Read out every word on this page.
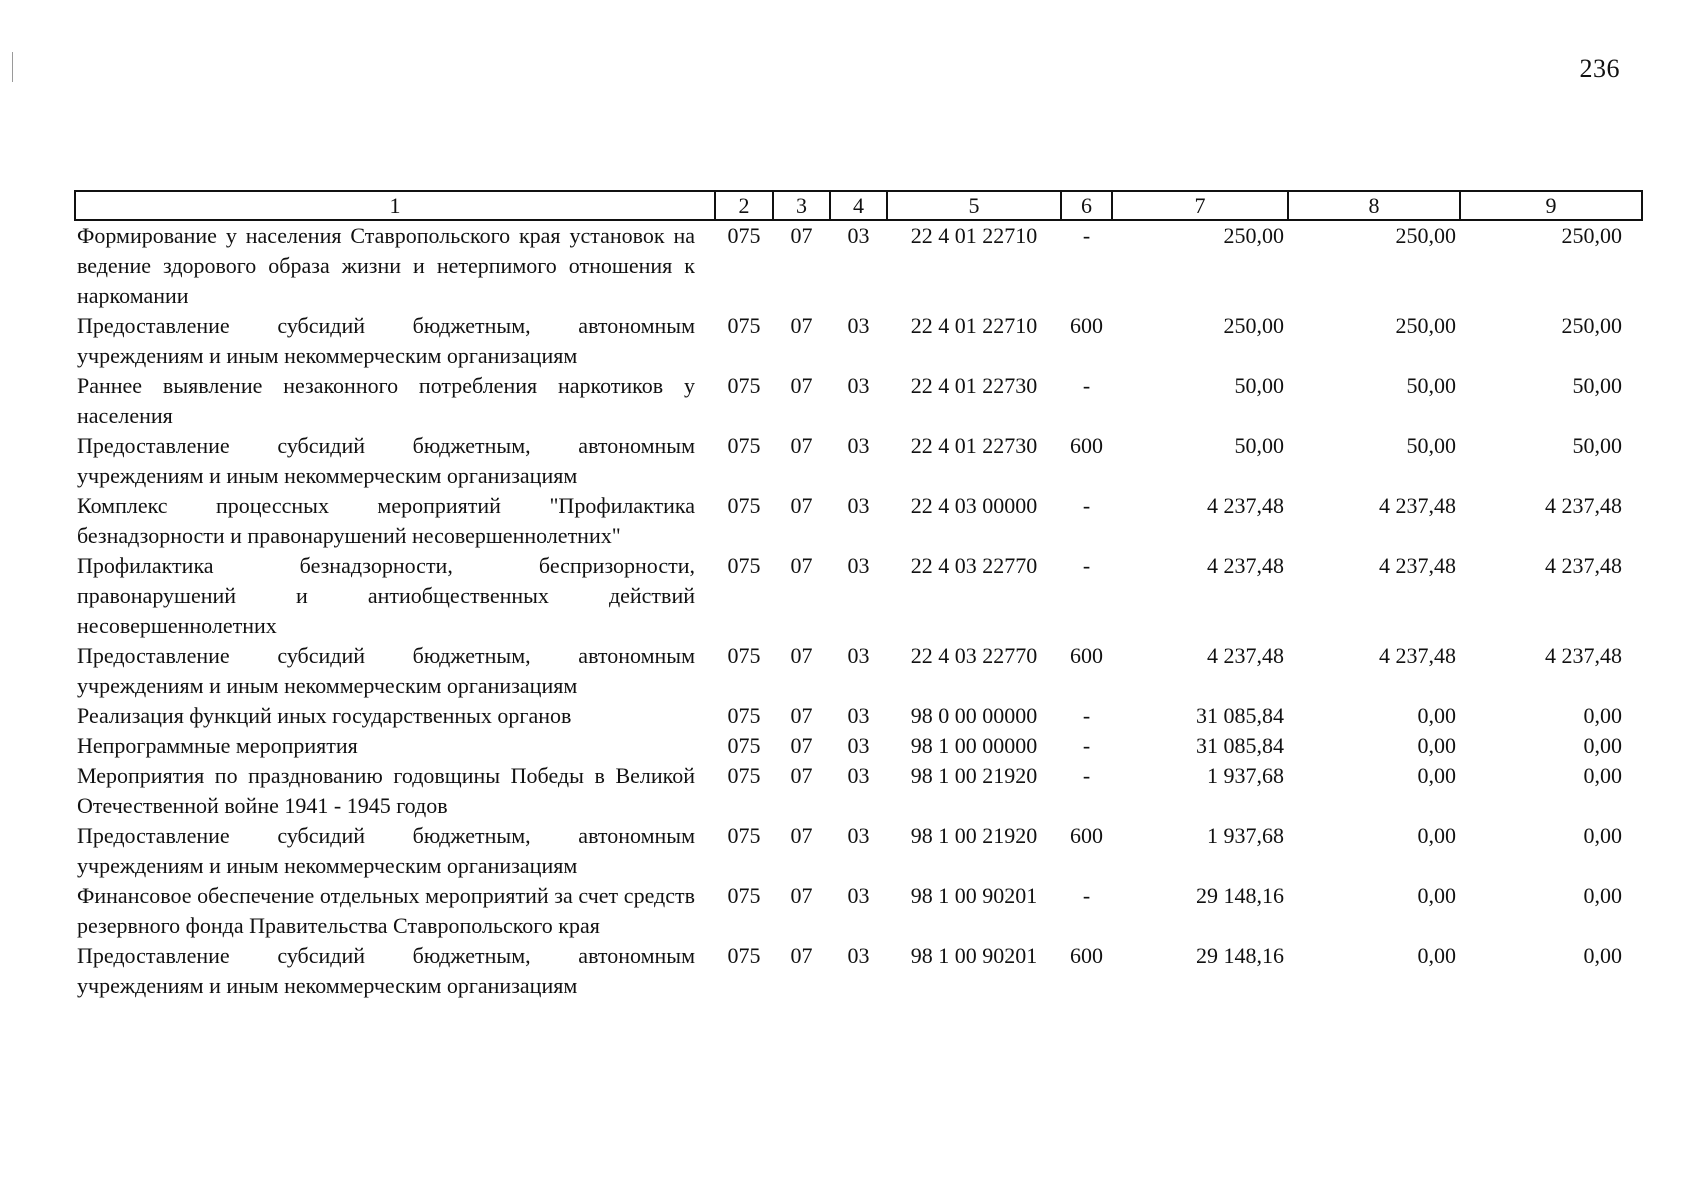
236
1	2	3	4	5	6	7	8	9
Формирование у населения Ставропольского края установок на ведение здорового образа жизни и нетерпимого отношения к наркомании	075	07	03	22 4 01 22710	-	250,00	250,00	250,00
Предоставление субсидий бюджетным, автономным учреждениям и иным некоммерческим организациям	075	07	03	22 4 01 22710	600	250,00	250,00	250,00
Раннее выявление незаконного потребления наркотиков у населения	075	07	03	22 4 01 22730	-	50,00	50,00	50,00
Предоставление субсидий бюджетным, автономным учреждениям и иным некоммерческим организациям	075	07	03	22 4 01 22730	600	50,00	50,00	50,00
Комплекс процессных мероприятий "Профилактика безнадзорности и правонарушений несовершеннолетних"	075	07	03	22 4 03 00000	-	4 237,48	4 237,48	4 237,48
Профилактика безнадзорности, беспризорности, правонарушений и антиобщественных действий несовершеннолетних	075	07	03	22 4 03 22770	-	4 237,48	4 237,48	4 237,48
Предоставление субсидий бюджетным, автономным учреждениям и иным некоммерческим организациям	075	07	03	22 4 03 22770	600	4 237,48	4 237,48	4 237,48
Реализация функций иных государственных органов	075	07	03	98 0 00 00000	-	31 085,84	0,00	0,00
Непрограммные мероприятия	075	07	03	98 1 00 00000	-	31 085,84	0,00	0,00
Мероприятия по празднованию годовщины Победы в Великой Отечественной войне 1941 - 1945 годов	075	07	03	98 1 00 21920	-	1 937,68	0,00	0,00
Предоставление субсидий бюджетным, автономным учреждениям и иным некоммерческим организациям	075	07	03	98 1 00 21920	600	1 937,68	0,00	0,00
Финансовое обеспечение отдельных мероприятий за счет средств резервного фонда Правительства Ставропольского края	075	07	03	98 1 00 90201	-	29 148,16	0,00	0,00
Предоставление субсидий бюджетным, автономным учреждениям и иным некоммерческим организациям	075	07	03	98 1 00 90201	600	29 148,16	0,00	0,00
